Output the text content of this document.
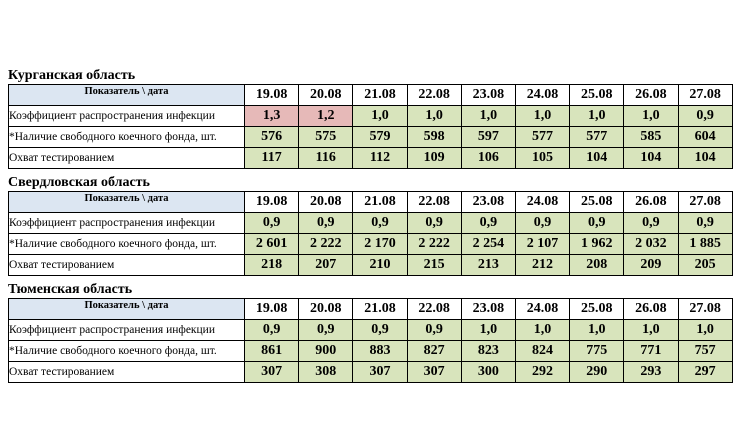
Курганская область
Показатель \ дата	19.08	20.08	21.08	22.08	23.08	24.08	25.08	26.08	27.08
Коэффициент распространения инфекции	1,3	1,2	1,0	1,0	1,0	1,0	1,0	1,0	0,9
*Наличие свободного коечного фонда, шт.	576	575	579	598	597	577	577	585	604
Охват тестированием	117	116	112	109	106	105	104	104	104
Свердловская область
Показатель \ дата	19.08	20.08	21.08	22.08	23.08	24.08	25.08	26.08	27.08
Коэффициент распространения инфекции	0,9	0,9	0,9	0,9	0,9	0,9	0,9	0,9	0,9
*Наличие свободного коечного фонда, шт.	2 601	2 222	2 170	2 222	2 254	2 107	1 962	2 032	1 885
Охват тестированием	218	207	210	215	213	212	208	209	205
Тюменская область
Показатель \ дата	19.08	20.08	21.08	22.08	23.08	24.08	25.08	26.08	27.08
Коэффициент распространения инфекции	0,9	0,9	0,9	0,9	1,0	1,0	1,0	1,0	1,0
*Наличие свободного коечного фонда, шт.	861	900	883	827	823	824	775	771	757
Охват тестированием	307	308	307	307	300	292	290	293	297
